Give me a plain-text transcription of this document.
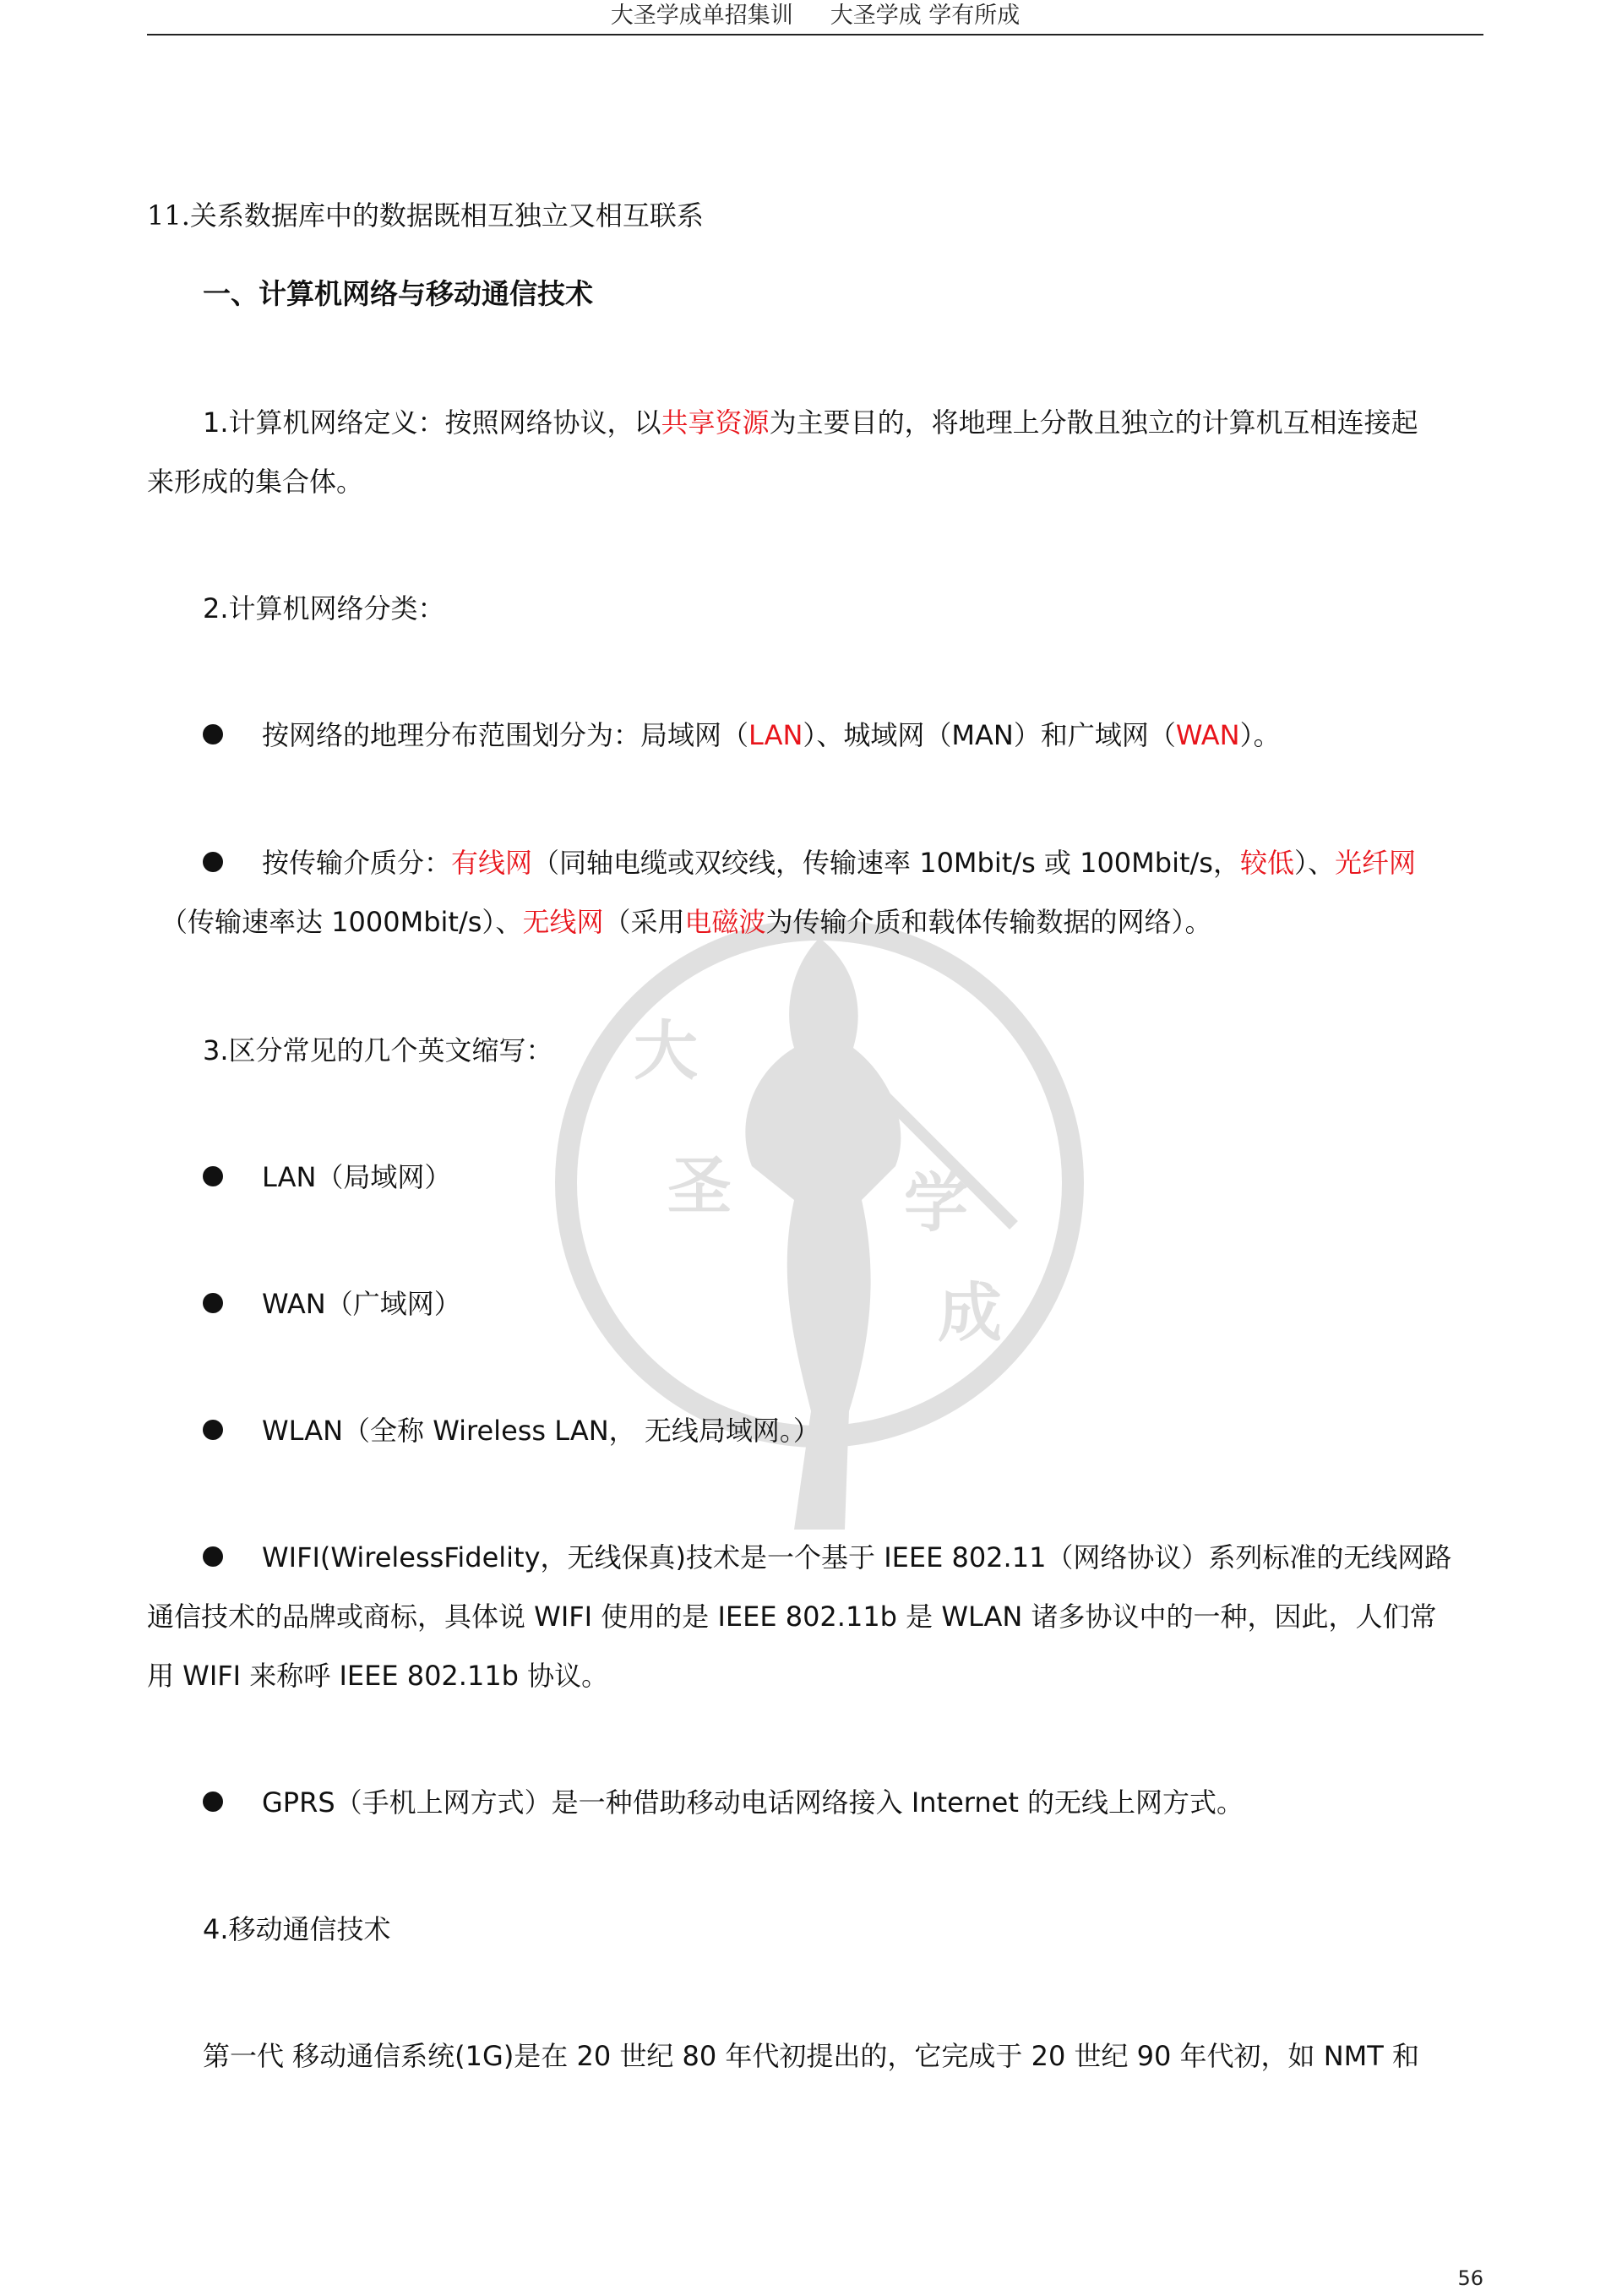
大圣学成单招集训 大圣学成 学有所成
大
圣	学
成
11.关系数据库中的数据既相互独立又相互联系
一、计算机网络与移动通信技术
1.计算机网络定义：按照网络协议，以共享资源为主要目的，将地理上分散且独立的计算机互相连接起
来形成的集合体。
2.计算机网络分类：
按网络的地理分布范围划分为：局域网（LAN）、城域网（MAN）和广域网（WAN）。
按传输介质分：有线网（同轴电缆或双绞线，传输速率 10Mbit/s 或 100Mbit/s，较低）、光纤网
（传输速率达 1000Mbit/s）、无线网（采用电磁波为传输介质和载体传输数据的网络）。
3.区分常见的几个英文缩写：
LAN（局域网）
WAN（广域网）
WLAN（全称 Wireless LAN， 无线局域网。）
WIFI(WirelessFidelity，无线保真)技术是一个基于 IEEE 802.11（网络协议）系列标准的无线网路
通信技术的品牌或商标，具体说 WIFI 使用的是 IEEE 802.11b 是 WLAN 诸多协议中的一种，因此，人们常
用 WIFI 来称呼 IEEE 802.11b 协议。
GPRS（手机上网方式）是一种借助移动电话网络接入 Internet 的无线上网方式。
4.移动通信技术
第一代 移动通信系统(1G)是在 20 世纪 80 年代初提出的，它完成于 20 世纪 90 年代初，如 NMT 和
56
